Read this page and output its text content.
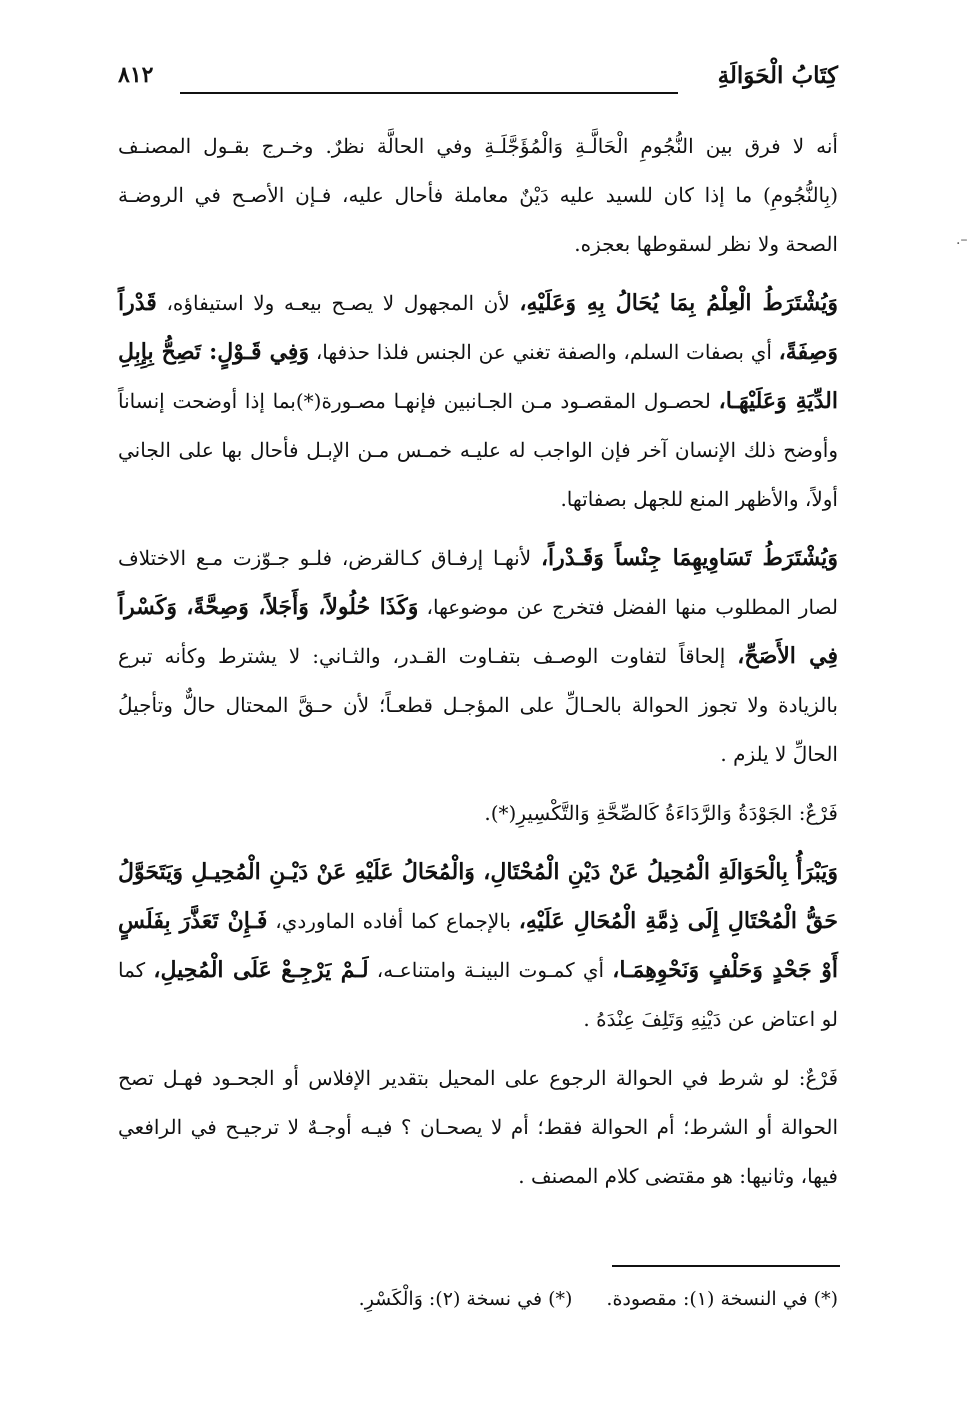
كِتَابُ الْحَوَالَةِ
٨١٢

أنه لا فرق بين النُّجُومِ الْحَالَّـةِ وَالْمُؤَجَّلَـةِ وفي الحالَّة نظرٌ. وخـرج بقـول المصنـف (بِالنُّجُومِ) ما إذا كان للسيد عليه دَيْنٌ معاملة فأحال عليه، فـإن الأصـح في الروضـة الصحة ولا نظر لسقوطها بعجزه.

وَيُشْتَرَطُ الْعِلْمُ بِمَا يُحَالُ بِهِ وَعَلَيْهِ، لأن المجهول لا يصـح بيعـه ولا استيفاؤه، قَدْراً وَصِفَةً، أي بصفات السلم، والصفة تغني عن الجنس فلذا حذفها، وَفِي قَـوْلٍ: تَصِحُّ بِإِبِلِ الدِّيَةِ وَعَلَيْهَـا، لحصـول المقصـود مـن الجـانبين فإنهـا مصـورة(*)بما إذا أوضحت إنساناً وأوضح ذلك الإنسان آخر فإن الواجب له عليـه خمـس مـن الإبـل فأحال بها على الجاني أولاً، والأظهر المنع للجهل بصفاتها.

وَيُشْتَرَطُ تَسَاوِيهِمَا جِنْساً وَقَـدْراً، لأنهـا إرفـاق كـالقرض، فلـو جـوّزت مـع الاختلاف لصار المطلوب منها الفضل فتخرج عن موضوعها، وَكَذَا حُلُولاً، وَأَجَلاً، وَصِحَّةً، وَكَسْراً فِي الأَصَحِّ، إلحاقاً لتفاوت الوصـف بتفـاوت القـدر، والثـاني: لا يشترط وكأنه تبرع بالزيادة ولا تجوز الحوالة بالحـالِّ على المؤجـل قطعـاً؛ لأن حـقَّ المحتال حالٌّ وتأجيلُ الحالِّ لا يلزم .

فَرْعٌ: الجَوْدَةُ وَالرَّدَاءَةُ كَالصِّحَّةِ وَالتَّكْسِيرِ(*).

وَيَبْرَأُ بِالْحَوَالَةِ الْمُحِيلُ عَنْ دَيْنِ الْمُحْتَالِ، وَالْمُحَالُ عَلَيْهِ عَنْ دَيْـنِ الْمُحِيـلِ وَيَتَحَوَّلُ حَقُّ الْمُحْتَالِ إِلَى ذِمَّةِ الْمُحَالِ عَلَيْهِ، بالإجماع كما أفاده الماوردي، فَـإِنْ تَعَذَّرَ بِفَلَسٍ أَوْ جَحْدٍ وَحَلْفٍ وَنَحْوِهِمَـا، أي كمـوت البينـة وامتناعـه، لَـمْ يَرْجِـعْ عَلَى الْمُحِيلِ، كما لو اعتاض عن دَيْنِهِ وَتَلِفَ عِنْدَهُ .

فَرْعٌ: لو شرط في الحوالة الرجوع على المحيل بتقدير الإفلاس أو الجحـود فهـل تصح الحوالة أو الشرط؛ أم الحوالة فقط؛ أم لا يصحـان ؟ فيـه أوجـهٌ لا ترجيـح في الرافعي فيها، وثانيها: هو مقتضى كلام المصنف .

(*) في النسخة (١): مقصودة.(*) في نسخة (٢): وَالْكَسْرِ.
.–
